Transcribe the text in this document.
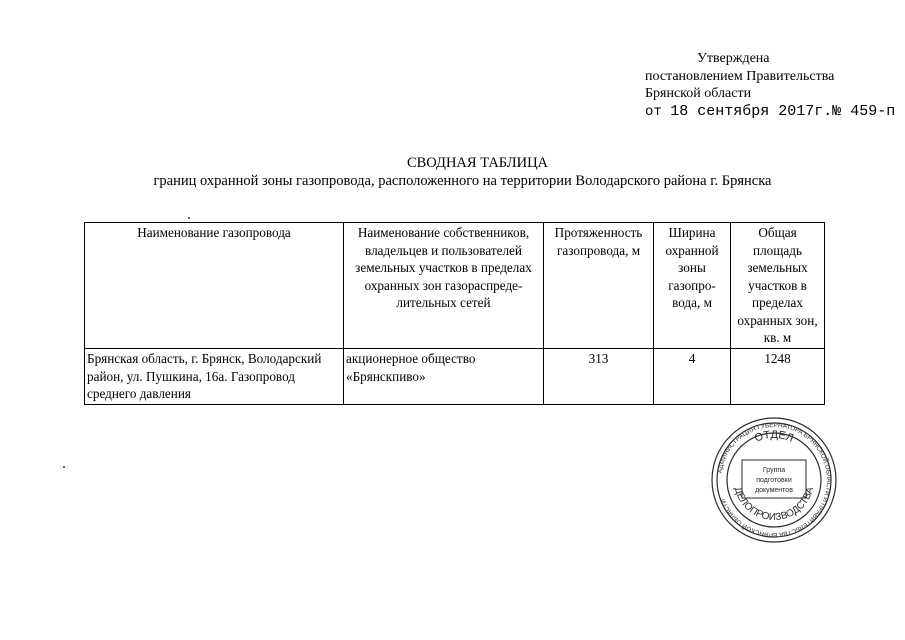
Утверждена
постановлением Правительства
Брянской области
от 18 сентября 2017г.№ 459-п
СВОДНАЯ ТАБЛИЦА
границ охранной зоны газопровода, расположенного на территории Володарского района г. Брянска
Наименование газопровода	Наименование собственников, владельцев и пользователей земельных участков в пределах охранных зон газораспреде-лительных сетей	Протяженность газопровода, м	Ширина охранной зоны газопро-вода, м	Общая площадь земельных участков в пределах охранных зон, кв. м
Брянская область, г. Брянск, Володарский район, ул. Пушкина, 16а. Газопровод среднего давления	акционерное общество «Брянскпиво»	313	4	1248
АДМИНИСТРАЦИЯ ГУБЕРНАТОРА БРЯНСКОЙ ОБЛАСТИ И ПРАВИТЕЛЬСТВА БРЯНСКОЙ ОБЛАСТИ
ОТДЕЛ
ДЕЛОПРОИЗВОДСТВА
Группа
подготовки
документов
